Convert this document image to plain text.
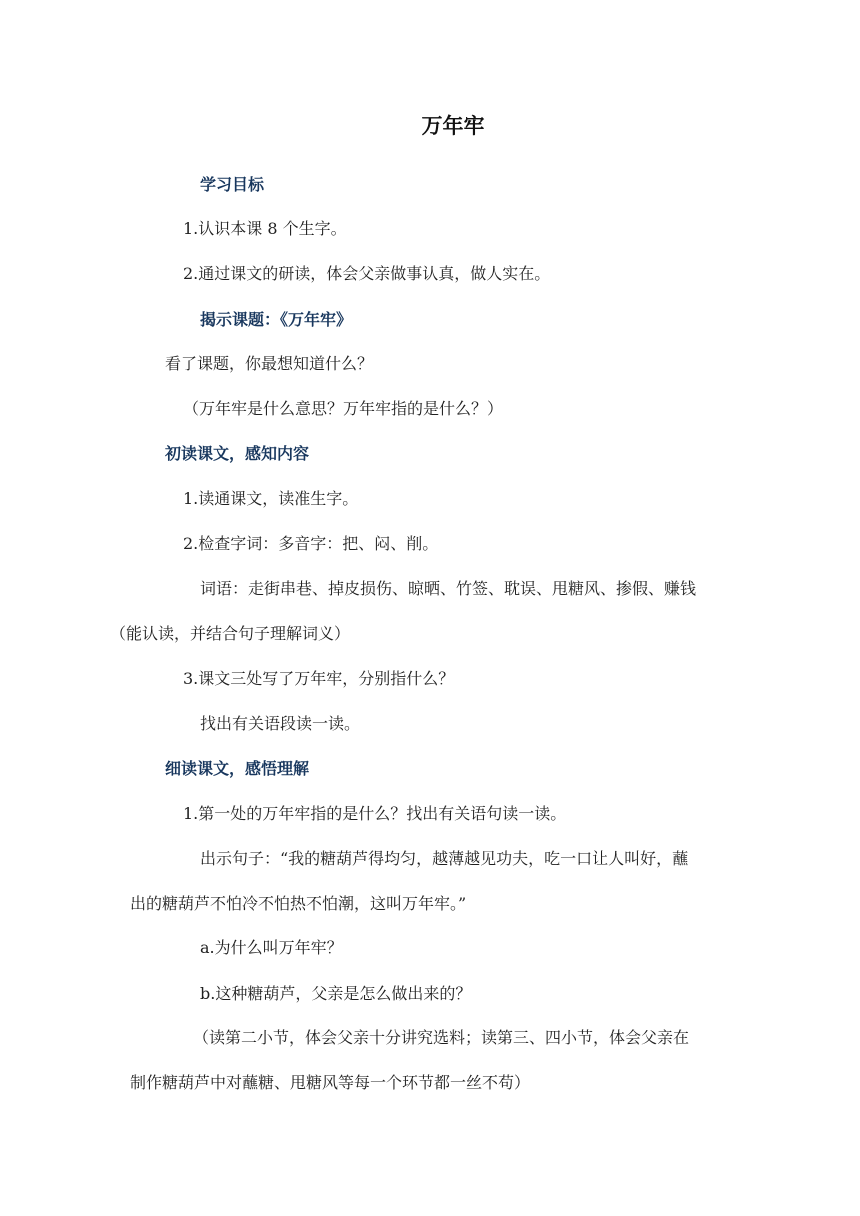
万年牢
学习目标
1.认识本课 8 个生字。
2.通过课文的研读，体会父亲做事认真，做人实在。
揭示课题：《万年牢》
看了课题，你最想知道什么？
（万年牢是什么意思？万年牢指的是什么？）
初读课文，感知内容
1.读通课文，读准生字。
2.检查字词：多音字：把、闷、削。
词语：走街串巷、掉皮损伤、晾晒、竹签、耽误、甩糖风、掺假、赚钱
（能认读，并结合句子理解词义）
3.课文三处写了万年牢，分别指什么？
找出有关语段读一读。
细读课文，感悟理解
1.第一处的万年牢指的是什么？找出有关语句读一读。
出示句子：“我的糖葫芦得均匀，越薄越见功夫，吃一口让人叫好，蘸
出的糖葫芦不怕冷不怕热不怕潮，这叫万年牢。”
a.为什么叫万年牢？
b.这种糖葫芦，父亲是怎么做出来的？
（读第二小节，体会父亲十分讲究选料；读第三、四小节，体会父亲在
制作糖葫芦中对蘸糖、甩糖风等每一个环节都一丝不苟）
